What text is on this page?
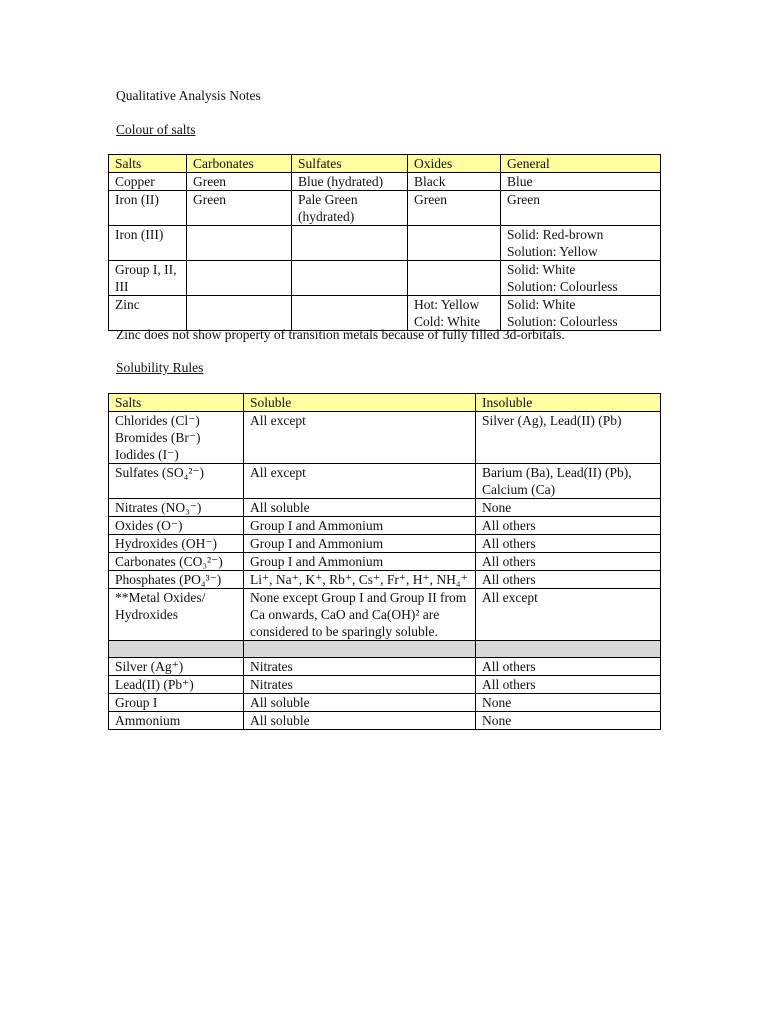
Qualitative Analysis Notes
Colour of salts
Salts	Carbonates	Sulfates	Oxides	General
Copper	Green	Blue (hydrated)	Black	Blue
Iron (II)	Green	Pale Green (hydrated)	Green	Green
Iron (III)				Solid: Red-brown
Solution: Yellow
Group I, II, III				Solid: White
Solution: Colourless
Zinc			Hot: Yellow
Cold: White	Solid: White
Solution: Colourless
Zinc does not show property of transition metals because of fully filled 3d-orbitals.
Solubility Rules
Salts	Soluble	Insoluble
Chlorides (Cl⁻)
Bromides (Br⁻)
Iodides (I⁻)	All except	Silver (Ag), Lead(II) (Pb)
Sulfates (SO₄²⁻)	All except	Barium (Ba), Lead(II) (Pb), Calcium (Ca)
Nitrates (NO₃⁻)	All soluble	None
Oxides (O⁻)	Group I and Ammonium	All others
Hydroxides (OH⁻)	Group I and Ammonium	All others
Carbonates (CO₃²⁻)	Group I and Ammonium	All others
Phosphates (PO₄³⁻)	Li⁺, Na⁺, K⁺, Rb⁺, Cs⁺, Fr⁺, H⁺, NH₄⁺	All others
**Metal Oxides/ Hydroxides	None except Group I and Group II from Ca onwards, CaO and Ca(OH)² are considered to be sparingly soluble.	All except

Silver (Ag⁺)	Nitrates	All others
Lead(II) (Pb⁺)	Nitrates	All others
Group I	All soluble	None
Ammonium	All soluble	None
